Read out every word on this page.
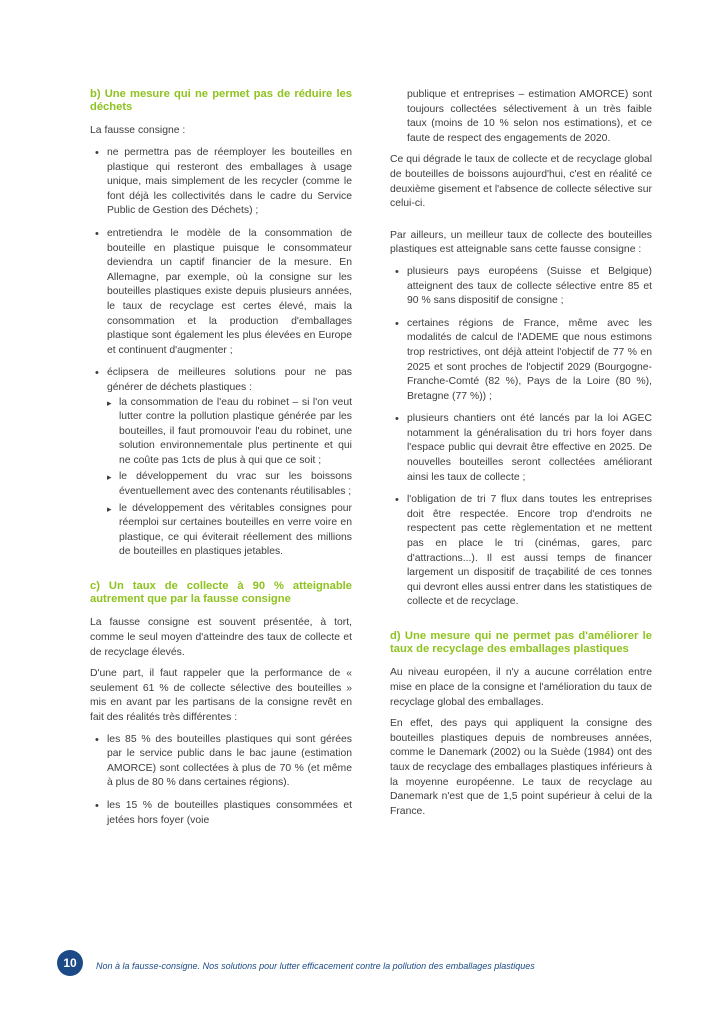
b) Une mesure qui ne permet pas de réduire les déchets

La fausse consigne :

• ne permettra pas de réemployer les bouteilles en plastique qui resteront des emballages à usage unique, mais simplement de les recycler (comme le font déjà les collectivités dans le cadre du Service Public de Gestion des Déchets) ;
• entretiendra le modèle de la consommation de bouteille en plastique puisque le consommateur deviendra un captif financier de la mesure. En Allemagne, par exemple, où la consigne sur les bouteilles plastiques existe depuis plusieurs années, le taux de recyclage est certes élevé, mais la consommation et la production d'emballages plastique sont également les plus élevées en Europe et continuent d'augmenter ;
• éclipsera de meilleures solutions pour ne pas générer de déchets plastiques :
▸ la consommation de l'eau du robinet – si l'on veut lutter contre la pollution plastique générée par les bouteilles, il faut promouvoir l'eau du robinet, une solution environnementale plus pertinente et qui ne coûte pas 1cts de plus à qui que ce soit ;
▸ le développement du vrac sur les boissons éventuellement avec des contenants réutilisables ;
▸ le développement des véritables consignes pour réemploi sur certaines bouteilles en verre voire en plastique, ce qui éviterait réellement des millions de bouteilles en plastiques jetables.
c) Un taux de collecte à 90 % atteignable autrement que par la fausse consigne

La fausse consigne est souvent présentée, à tort, comme le seul moyen d'atteindre des taux de collecte et de recyclage élevés.

D'une part, il faut rappeler que la performance de « seulement 61 % de collecte sélective des bouteilles » mis en avant par les partisans de la consigne revêt en fait des réalités très différentes :

• les 85 % des bouteilles plastiques qui sont gérées par le service public dans le bac jaune (estimation AMORCE) sont collectées à plus de 70 % (et même à plus de 80 % dans certaines régions).
• les 15 % de bouteilles plastiques consommées et jetées hors foyer (voie

publique et entreprises – estimation AMORCE) sont toujours collectées sélectivement à un très faible taux (moins de 10 % selon nos estimations), et ce faute de respect des engagements de 2020.

Ce qui dégrade le taux de collecte et de recyclage global de bouteilles de boissons aujourd'hui, c'est en réalité ce deuxième gisement et l'absence de collecte sélective sur celui-ci.

Par ailleurs, un meilleur taux de collecte des bouteilles plastiques est atteignable sans cette fausse consigne :

• plusieurs pays européens (Suisse et Belgique) atteignent des taux de collecte sélective entre 85 et 90 % sans dispositif de consigne ;
• certaines régions de France, même avec les modalités de calcul de l'ADEME que nous estimons trop restrictives, ont déjà atteint l'objectif de 77 % en 2025 et sont proches de l'objectif 2029 (Bourgogne-Franche-Comté (82 %), Pays de la Loire (80 %), Bretagne (77 %)) ;
• plusieurs chantiers ont été lancés par la loi AGEC notamment la généralisation du tri hors foyer dans l'espace public qui devrait être effective en 2025. De nouvelles bouteilles seront collectées améliorant ainsi les taux de collecte ;
• l'obligation de tri 7 flux dans toutes les entreprises doit être respectée. Encore trop d'endroits ne respectent pas cette règlementation et ne mettent pas en place le tri (cinémas, gares, parc d'attractions...). Il est aussi temps de financer largement un dispositif de traçabilité de ces tonnes qui devront elles aussi entrer dans les statistiques de collecte et de recyclage.
d) Une mesure qui ne permet pas d'améliorer le taux de recyclage des emballages plastiques

Au niveau européen, il n'y a aucune corrélation entre mise en place de la consigne et l'amélioration du taux de recyclage global des emballages.

En effet, des pays qui appliquent la consigne des bouteilles plastiques depuis de nombreuses années, comme le Danemark (2002) ou la Suède (1984) ont des taux de recyclage des emballages plastiques inférieurs à la moyenne européenne. Le taux de recyclage au Danemark n'est que de 1,5 point supérieur à celui de la France.

10	Non à la fausse-consigne. Nos solutions pour lutter efficacement contre la pollution des emballages plastiques
